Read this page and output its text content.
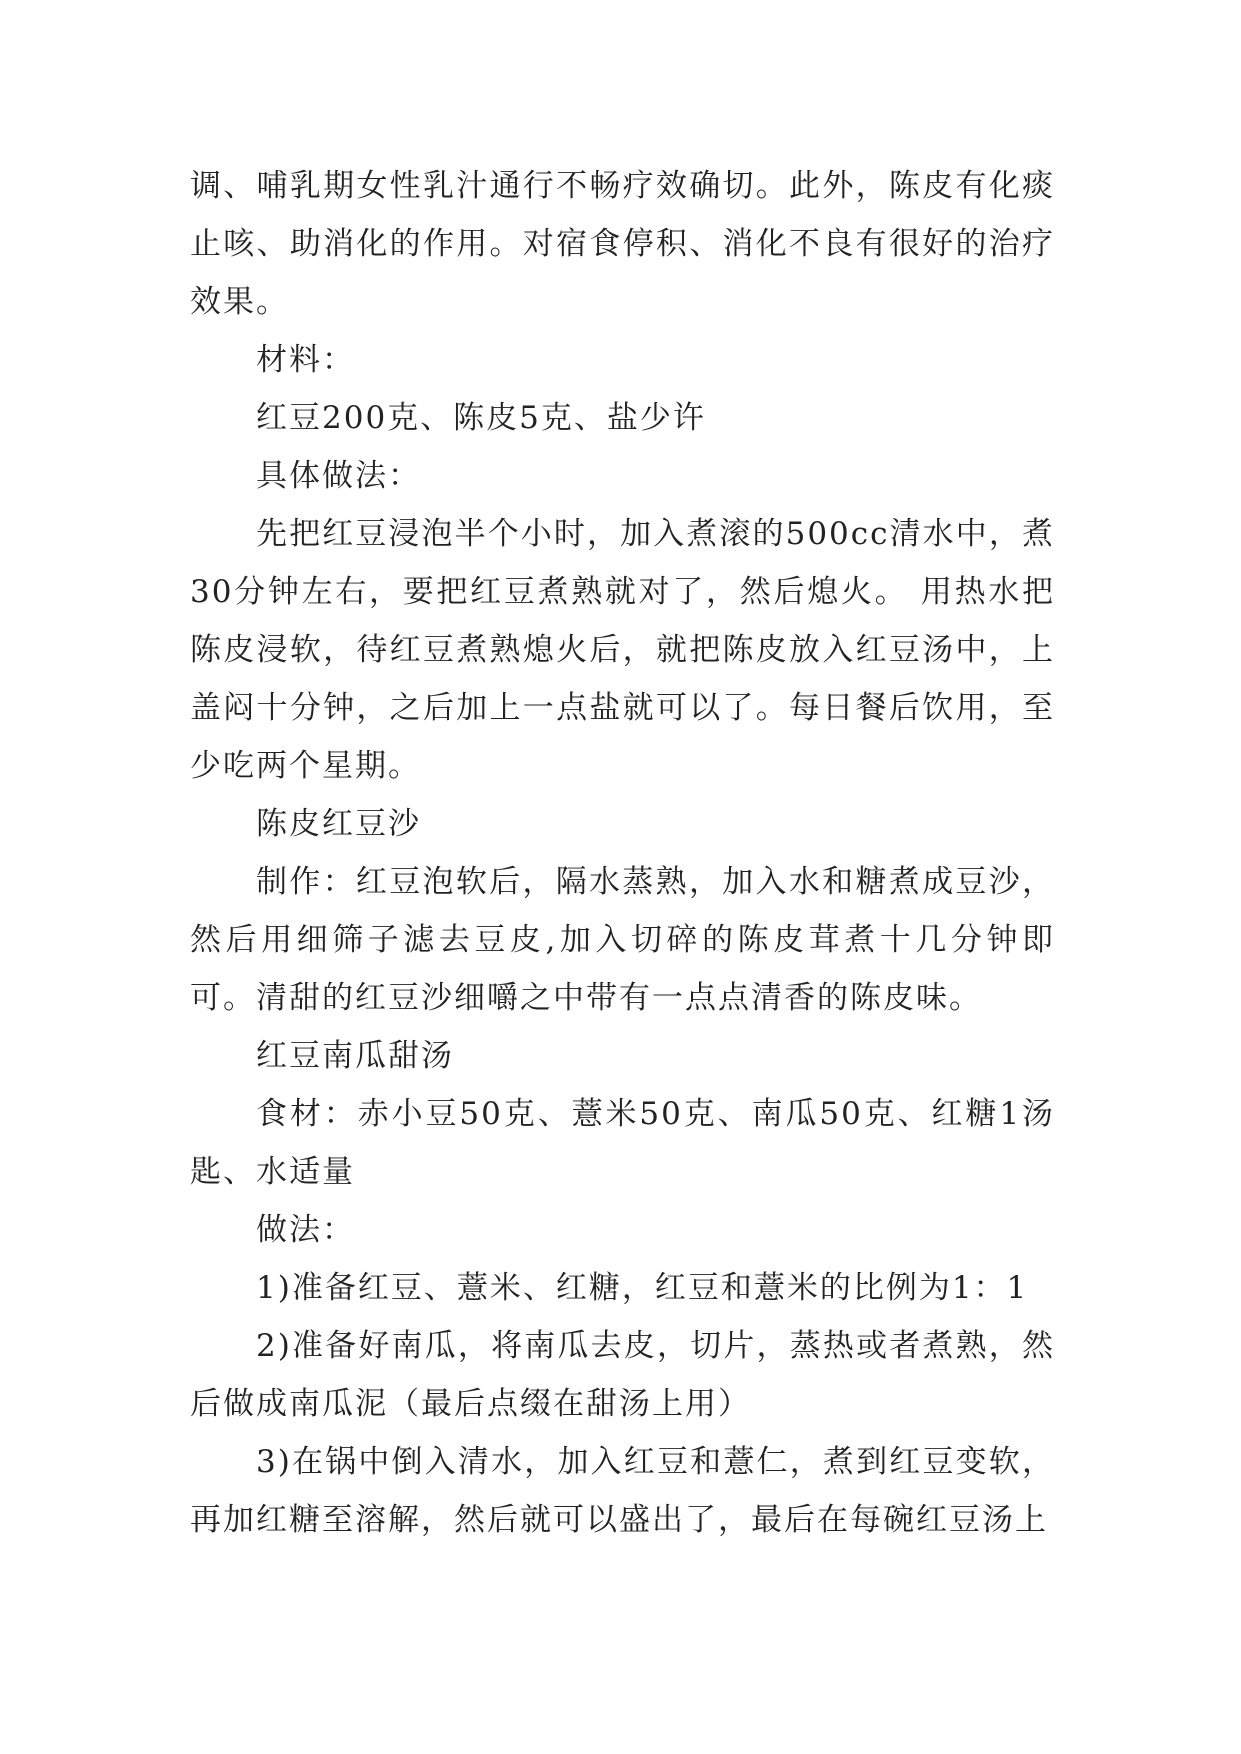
调、哺乳期女性乳汁通行不畅疗效确切。此外，陈皮有化痰止咳、助消化的作用。对宿食停积、消化不良有很好的治疗效果。

材料：

红豆200克、陈皮5克、盐少许

具体做法：

先把红豆浸泡半个小时，加入煮滚的500cc清水中，煮30分钟左右，要把红豆煮熟就对了，然后熄火。 用热水把陈皮浸软，待红豆煮熟熄火后，就把陈皮放入红豆汤中，上盖闷十分钟，之后加上一点盐就可以了。每日餐后饮用，至少吃两个星期。

陈皮红豆沙

制作：红豆泡软后，隔水蒸熟，加入水和糖煮成豆沙，然后用细筛子滤去豆皮,加入切碎的陈皮茸煮十几分钟即可。清甜的红豆沙细嚼之中带有一点点清香的陈皮味。

红豆南瓜甜汤

食材：赤小豆50克、薏米50克、南瓜50克、红糖1汤匙、水适量

做法：

1)准备红豆、薏米、红糖，红豆和薏米的比例为1：1

2)准备好南瓜，将南瓜去皮，切片，蒸热或者煮熟，然后做成南瓜泥（最后点缀在甜汤上用）

3)在锅中倒入清水，加入红豆和薏仁，煮到红豆变软，再加红糖至溶解，然后就可以盛出了，最后在每碗红豆汤上
